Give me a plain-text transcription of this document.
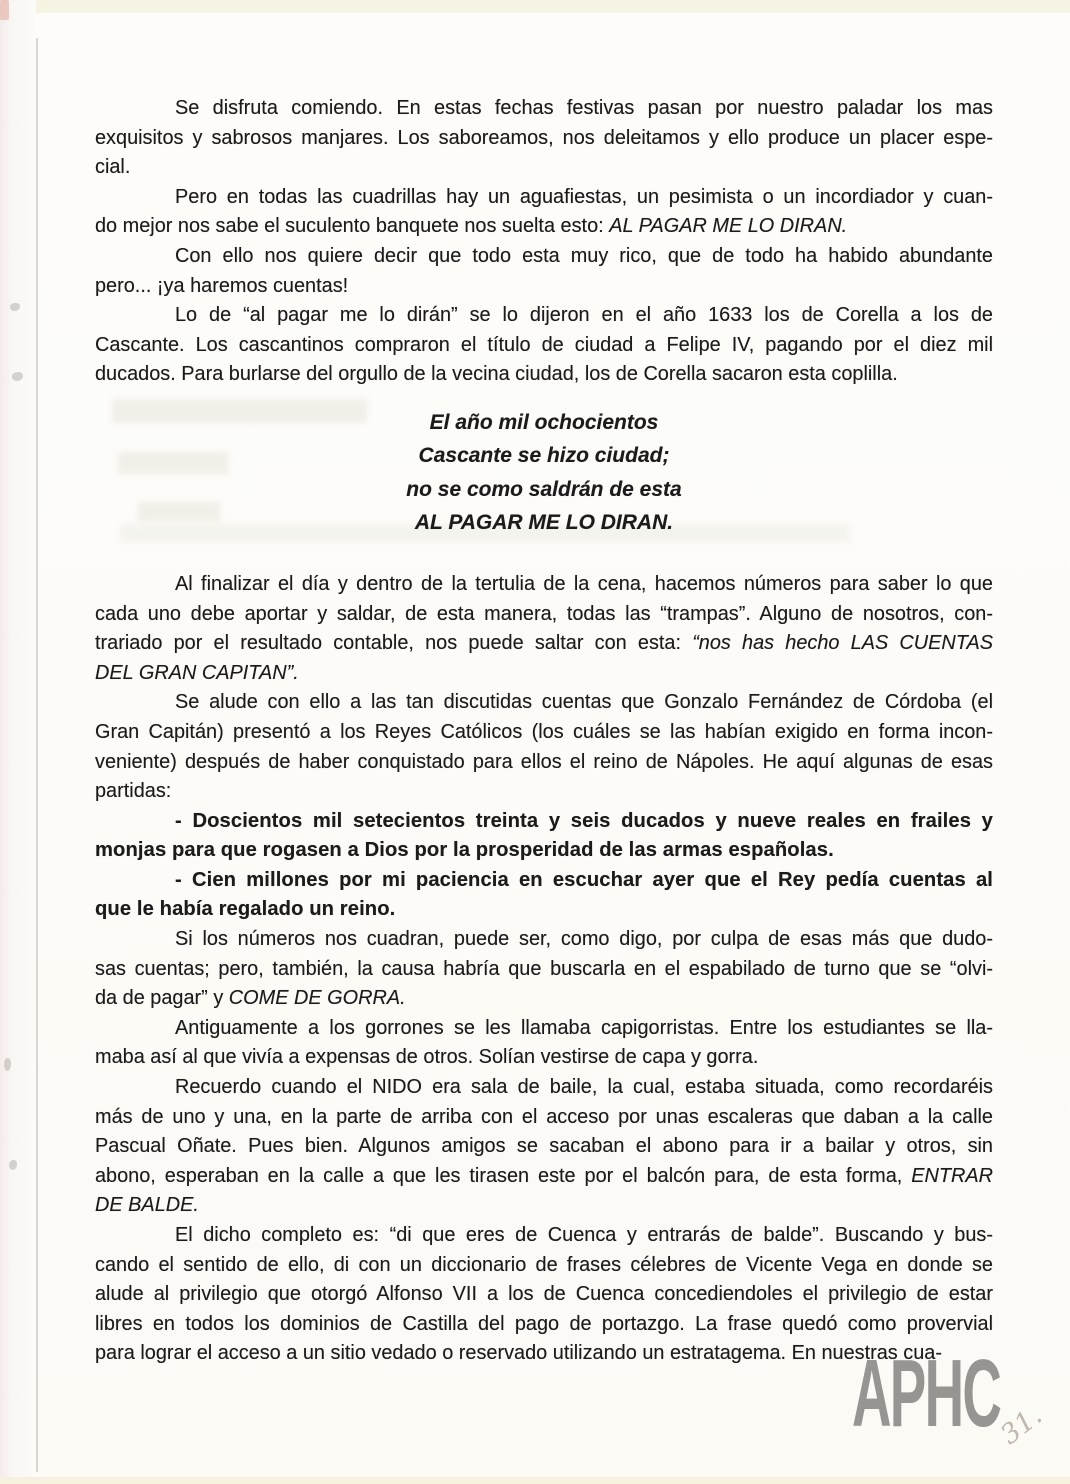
Se disfruta comiendo. En estas fechas festivas pasan por nuestro paladar los mas
exquisitos y sabrosos manjares. Los saboreamos, nos deleitamos y ello produce un placer espe-
cial.
Pero en todas las cuadrillas hay un aguafiestas, un pesimista o un incordiador y cuan-
do mejor nos sabe el suculento banquete nos suelta esto: AL PAGAR ME LO DIRAN.
Con ello nos quiere decir que todo esta muy rico, que de todo ha habido abundante
pero... ¡ya haremos cuentas!
Lo de “al pagar me lo dirán” se lo dijeron en el año 1633 los de Corella a los de
Cascante. Los cascantinos compraron el título de ciudad a Felipe IV, pagando por el diez mil
ducados. Para burlarse del orgullo de la vecina ciudad, los de Corella sacaron esta coplilla.
El año mil ochocientos
Cascante se hizo ciudad;
no se como saldrán de esta
AL PAGAR ME LO DIRAN.
Al finalizar el día y dentro de la tertulia de la cena, hacemos números para saber lo que
cada uno debe aportar y saldar, de esta manera, todas las “trampas”. Alguno de nosotros, con-
trariado por el resultado contable, nos puede saltar con esta: “nos has hecho LAS CUENTAS
DEL GRAN CAPITAN”.
Se alude con ello a las tan discutidas cuentas que Gonzalo Fernández de Córdoba (el
Gran Capitán) presentó a los Reyes Católicos (los cuáles se las habían exigido en forma incon-
veniente) después de haber conquistado para ellos el reino de Nápoles. He aquí algunas de esas
partidas:
- Doscientos mil setecientos treinta y seis ducados y nueve reales en frailes y
monjas para que rogasen a Dios por la prosperidad de las armas españolas.
- Cien millones por mi paciencia en escuchar ayer que el Rey pedía cuentas al
que le había regalado un reino.
Si los números nos cuadran, puede ser, como digo, por culpa de esas más que dudo-
sas cuentas; pero, también, la causa habría que buscarla en el espabilado de turno que se “olvi-
da de pagar” y COME DE GORRA.
Antiguamente a los gorrones se les llamaba capigorristas. Entre los estudiantes se lla-
maba así al que vivía a expensas de otros. Solían vestirse de capa y gorra.
Recuerdo cuando el NIDO era sala de baile, la cual, estaba situada, como recordaréis
más de uno y una, en la parte de arriba con el acceso por unas escaleras que daban a la calle
Pascual Oñate. Pues bien. Algunos amigos se sacaban el abono para ir a bailar y otros, sin
abono, esperaban en la calle a que les tirasen este por el balcón para, de esta forma, ENTRAR
DE BALDE.
El dicho completo es: “di que eres de Cuenca y entrarás de balde”. Buscando y bus-
cando el sentido de ello, di con un diccionario de frases célebres de Vicente Vega en donde se
alude al privilegio que otorgó Alfonso VII a los de Cuenca concediendoles el privilegio de estar
libres en todos los dominios de Castilla del pago de portazgo. La frase quedó como provervial
para lograr el acceso a un sitio vedado o reservado utilizando un estratagema. En nuestras cua-
APHC
31.
